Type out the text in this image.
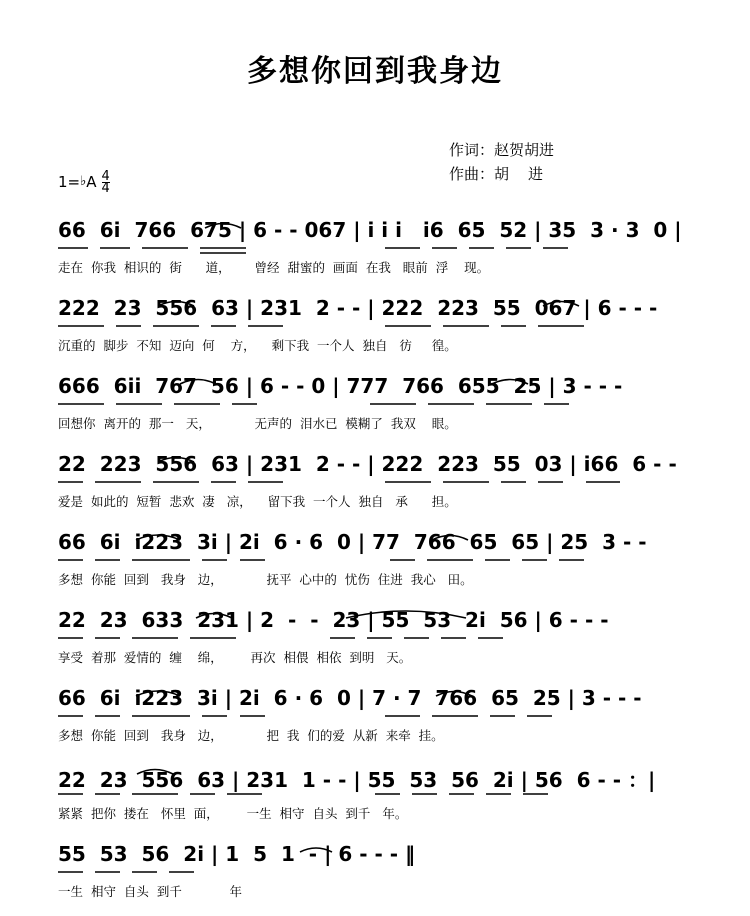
多想你回到我身边
作词：赵贺胡进
作曲：胡    进
1= ♭ A $\frac{4}{4}$
66  6i  766  675 | 6 - - 067 | i i i   i6  65  52 | 35  3 · 3  0 |
走在  你我  相识的  街      道，      曾经  甜蜜的  画面  在我   眼前  浮    现。
222  23  556  63 | 231  2 - - | 222  223  55  067 | 6 - - -
沉重的  脚步  不知  迈向  何    方，    剩下我  一个人  独自   彷     徨。
666  6ii  767  56 | 6 - - 0 | 777  766  655  25 | 3 - - -
回想你  离开的  那一   天，           无声的  泪水已  模糊了  我双    眼。
22  223  556  63 | 231  2 - - | 222  223  55  03 | i66  6 - -
爱是  如此的  短暂  悲欢  凄   凉，    留下我  一个人  独自   承      担。
66  6i  i223  3i | 2i  6 · 6  0 | 77  766  65  65 | 25  3 - -
多想  你能  回到   我身   边，           抚平  心中的  忧伤  住进  我心   田。
22  23  633  231 | 2  -  -  23 | 55  53  2i  56 | 6 - - -
享受  着那  爱情的  缠    绵，       再次  相偎  相依  到明   天。
66  6i  i223  3i | 2i  6 · 6  0 | 7 · 7  766  65  25 | 3 - - -
多想  你能  回到   我身   边，           把  我  们的爱  从新  来牵  挂。
22  23  556  63 | 231  1 - - | 55  53  56  2i | 56  6 - - ：|
紧紧  把你  搂在   怀里  面，       一生  相守  自头  到千   年。
55  53  56  2i | 1  5  1  - | 6 - - - ‖
一生  相守  自头  到千            年
